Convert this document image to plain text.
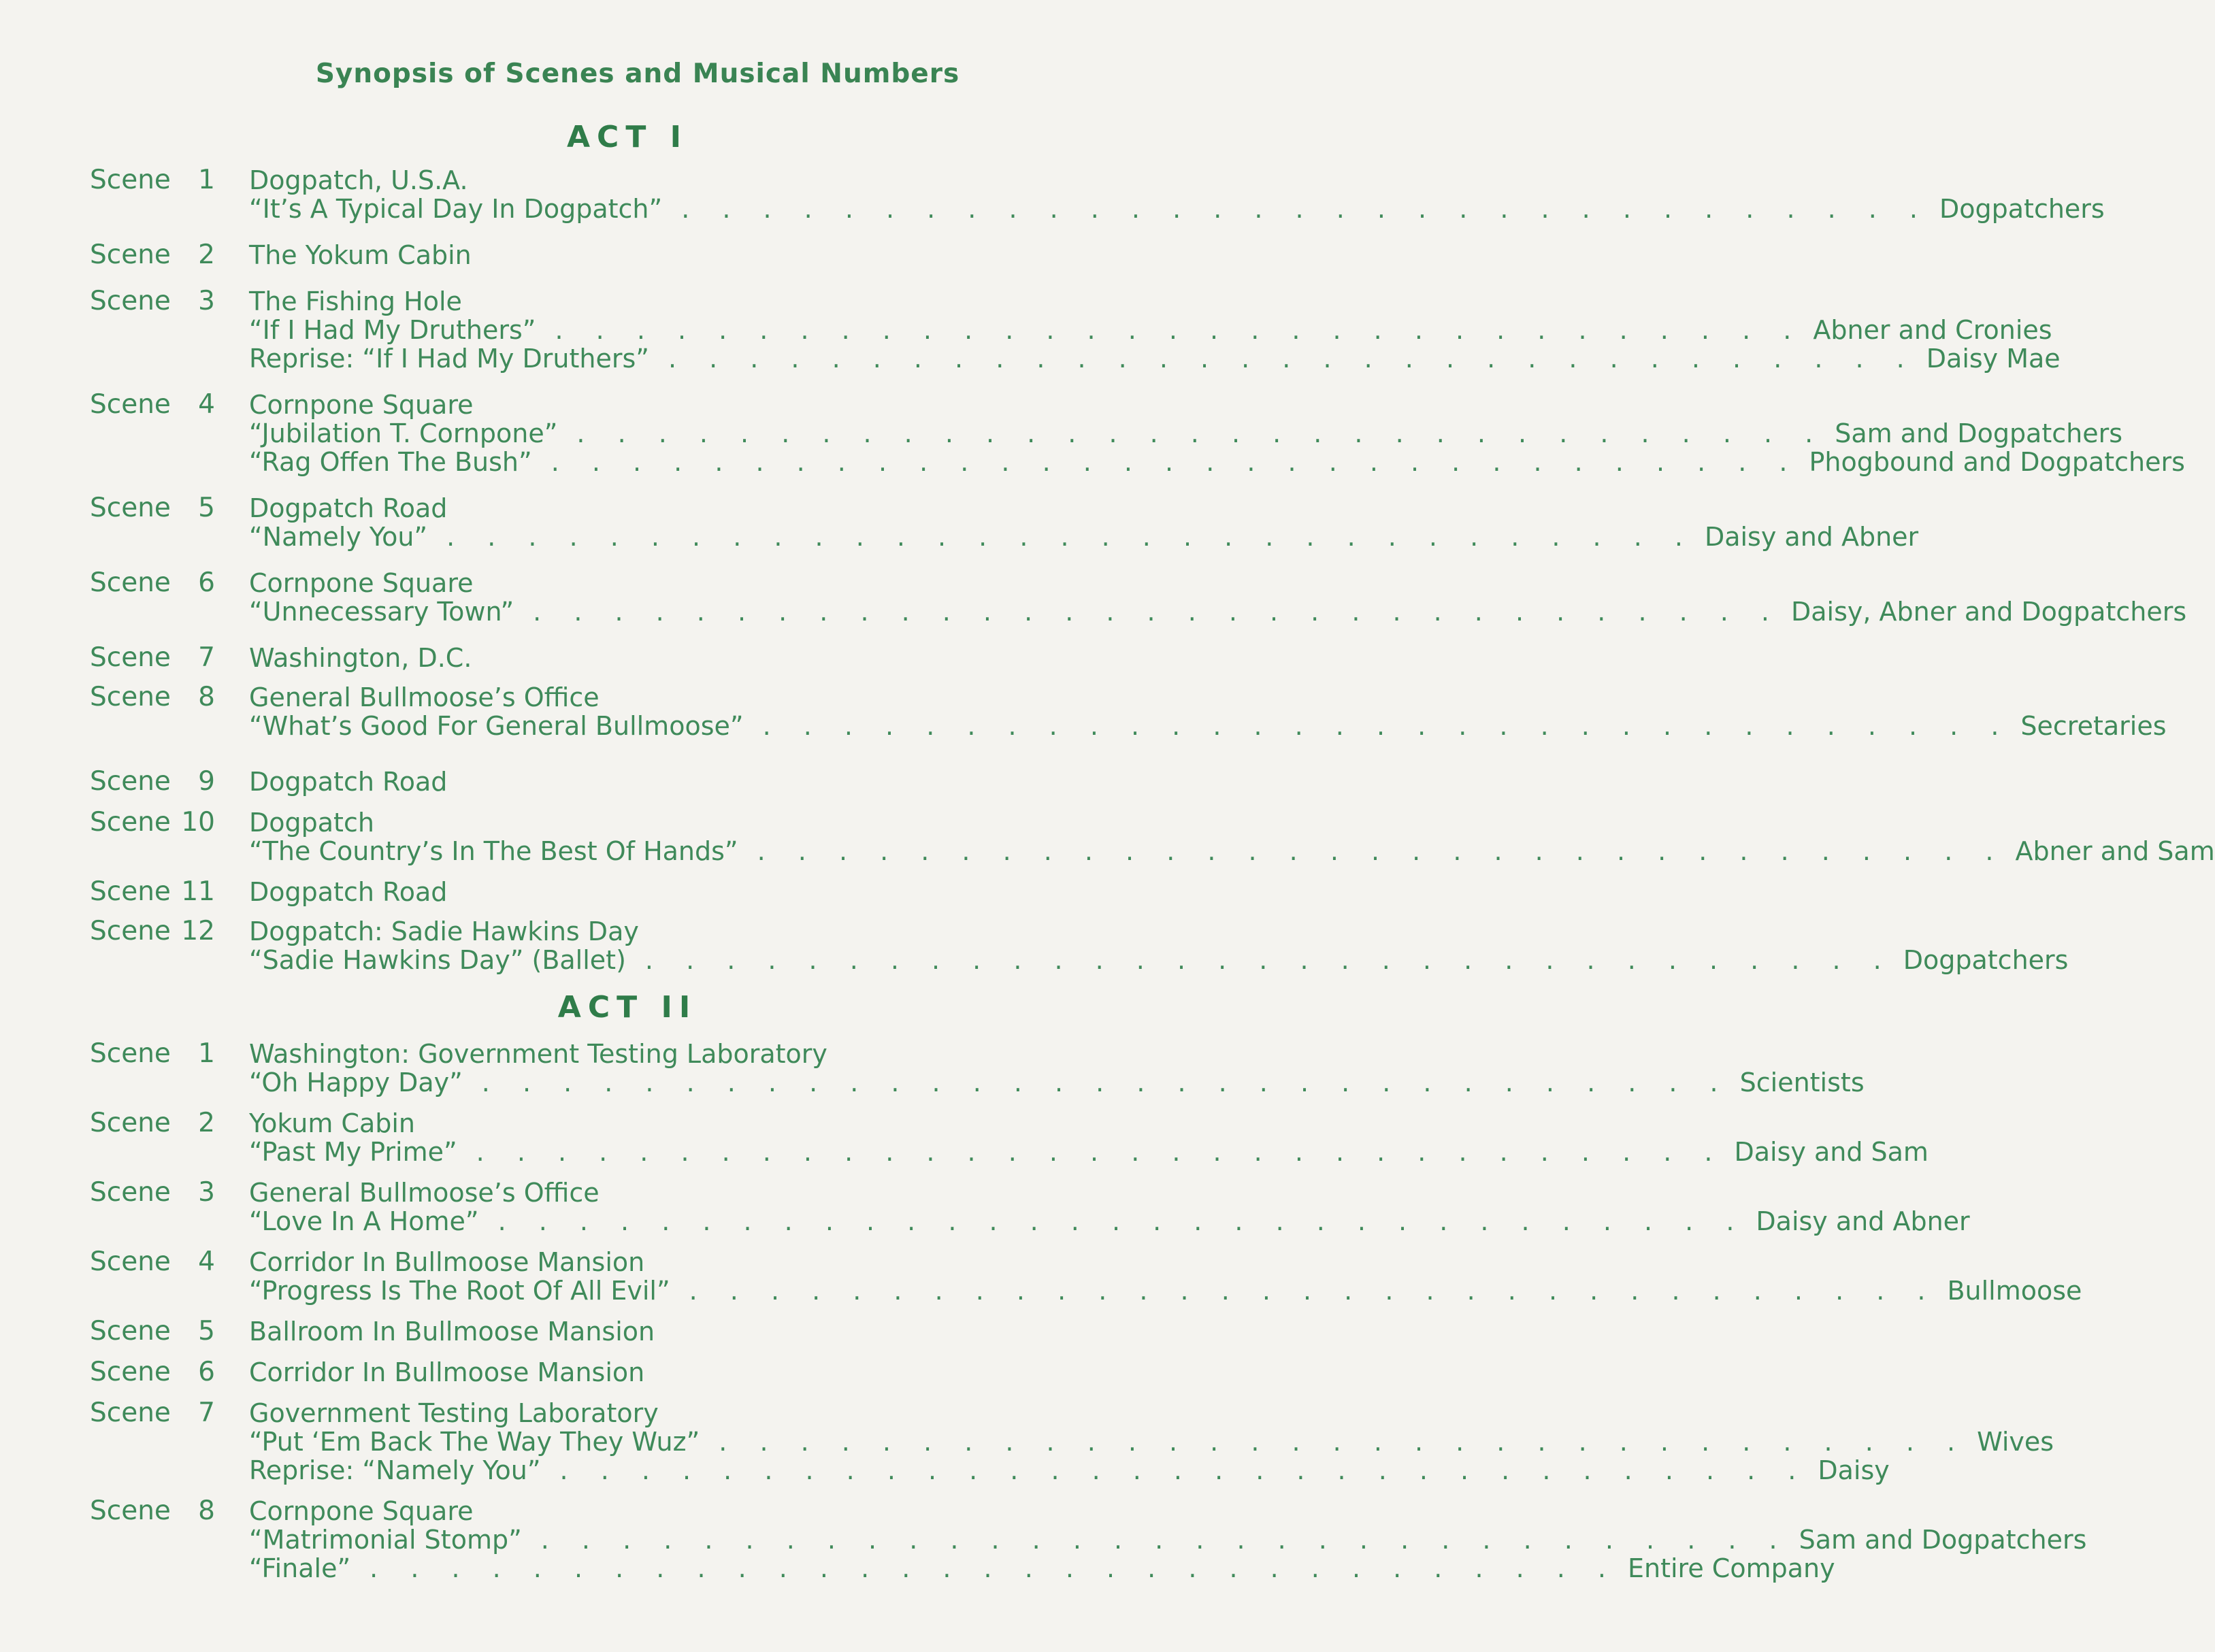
Synopsis of Scenes and Musical Numbers
ACT I
ACT II
Scene 1 Dogpatch, U.S.A.
“It’s A Typical Day In Dogpatch” . . . . . . . . . . . . . . . . . . . . . . . . . . . . . . . Dogpatchers
Scene 2 The Yokum Cabin
Scene 3 The Fishing Hole
“If I Had My Druthers” . . . . . . . . . . . . . . . . . . . . . . . . . . . . . . . Abner and Cronies
Reprise: “If I Had My Druthers” . . . . . . . . . . . . . . . . . . . . . . . . . . . . . . . Daisy Mae
Scene 4 Cornpone Square
“Jubilation T. Cornpone” . . . . . . . . . . . . . . . . . . . . . . . . . . . . . . . Sam and Dogpatchers
“Rag Offen The Bush” . . . . . . . . . . . . . . . . . . . . . . . . . . . . . . . Phogbound and Dogpatchers
Scene 5 Dogpatch Road
“Namely You” . . . . . . . . . . . . . . . . . . . . . . . . . . . . . . . Daisy and Abner
Scene 6 Cornpone Square
“Unnecessary Town” . . . . . . . . . . . . . . . . . . . . . . . . . . . . . . . Daisy, Abner and Dogpatchers
Scene 7 Washington, D.C.
Scene 8 General Bullmoose’s Office
“What’s Good For General Bullmoose” . . . . . . . . . . . . . . . . . . . . . . . . . . . . . . . Secretaries
Scene 9 Dogpatch Road
Scene 10 Dogpatch
“The Country’s In The Best Of Hands” . . . . . . . . . . . . . . . . . . . . . . . . . . . . . . . Abner and Sam
Scene 11 Dogpatch Road
Scene 12 Dogpatch: Sadie Hawkins Day
“Sadie Hawkins Day” (Ballet) . . . . . . . . . . . . . . . . . . . . . . . . . . . . . . . Dogpatchers
Scene 1 Washington: Government Testing Laboratory
“Oh Happy Day” . . . . . . . . . . . . . . . . . . . . . . . . . . . . . . . Scientists
Scene 2 Yokum Cabin
“Past My Prime” . . . . . . . . . . . . . . . . . . . . . . . . . . . . . . . Daisy and Sam
Scene 3 General Bullmoose’s Office
“Love In A Home” . . . . . . . . . . . . . . . . . . . . . . . . . . . . . . . Daisy and Abner
Scene 4 Corridor In Bullmoose Mansion
“Progress Is The Root Of All Evil” . . . . . . . . . . . . . . . . . . . . . . . . . . . . . . . Bullmoose
Scene 5 Ballroom In Bullmoose Mansion
Scene 6 Corridor In Bullmoose Mansion
Scene 7 Government Testing Laboratory
“Put ‘Em Back The Way They Wuz” . . . . . . . . . . . . . . . . . . . . . . . . . . . . . . . Wives
Reprise: “Namely You” . . . . . . . . . . . . . . . . . . . . . . . . . . . . . . . Daisy
Scene 8 Cornpone Square
“Matrimonial Stomp” . . . . . . . . . . . . . . . . . . . . . . . . . . . . . . . Sam and Dogpatchers
“Finale” . . . . . . . . . . . . . . . . . . . . . . . . . . . . . . . Entire Company
